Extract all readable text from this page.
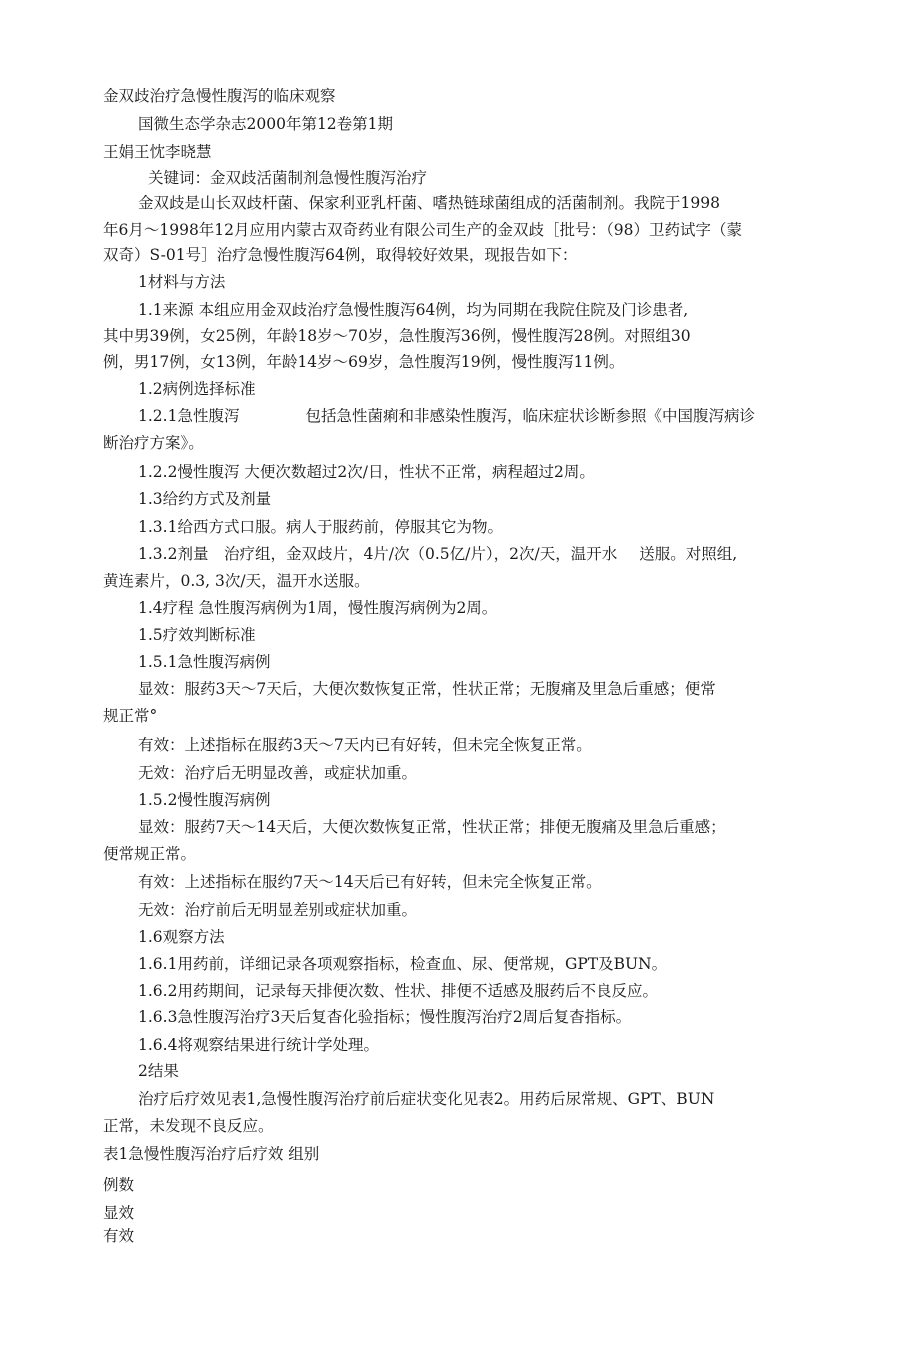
金双歧治疗急慢性腹泻的临床观察
国微生态学杂志2000年第12卷第1期
王娟王忱李晓慧
关键词：金双歧活菌制剂急慢性腹泻治疗
金双歧是山长双歧杆菌、保家利亚乳杆菌、嗜热链球菌组成的活菌制剂。我院于1998
年6月～1998年12月应用内蒙古双奇药业有限公司生产的金双歧［批号：（98）卫药试字（蒙
双奇）S-01号］治疗急慢性腹泻64例，取得较好效果，现报告如下：
1材料与方法
1.1来源 本组应用金双歧治疗急慢性腹泻64例，均为同期在我院住院及门诊患者,
其中男39例，女25例，年龄18岁～70岁，急性腹泻36例，慢性腹泻28例。对照组30
例，男17例，女13例，年龄14岁～69岁，急性腹泻19例，慢性腹泻11例。
1.2病例选择标准
1.2.1急性腹泻	包括急性菌痢和非感染性腹泻，临床症状诊断参照《中国腹泻病诊
断治疗方案》。
1.2.2慢性腹泻 大便次数超过2次/日，性状不正常，病程超过2周。
1.3给约方式及剂量
1.3.1给西方式口服。病人于服药前，停服其它为物。
1.3.2剂量　治疗组，金双歧片，4片/次（0.5亿/片），2次/天，温开水 送服。对照组,
黄连素片，0.3, 3次/天，温开水送服。
1.4疗程 急性腹泻病例为1周，慢性腹泻病例为2周。
1.5疗效判断标准
1.5.1急性腹泻病例
显效：服药3天～7天后，大便次数恢复正常，性状正常；无腹痛及里急后重感；便常
规正常°
有效：上述指标在服药3天～7天内已有好转，但未完全恢复正常。
无效：治疗后无明显改善，或症状加重。
1.5.2慢性腹泻病例
显效：服药7天～14天后，大便次数恢复正常，性状正常；排便无腹痛及里急后重感；
便常规正常。
有效：上述指标在服约7天～14天后已有好转，但未完全恢复正常。
无效：治疗前后无明显差别或症状加重。
1.6观察方法
1.6.1用药前，详细记录各项观察指标，检查血、尿、便常规，GPT及BUN。
1.6.2用药期间，记录每天排便次数、性状、排便不适感及服药后不良反应。
1.6.3急性腹泻治疗3天后复杳化验指标；慢性腹泻治疗2周后复杳指标。
1.6.4将观察结果进行统计学处理。
2结果
治疗后疗效见表1,急慢性腹泻治疗前后症状变化见表2。用药后尿常规、GPT、BUN
正常，未发现不良反应。
表1急慢性腹泻治疗后疗效 组别
例数
显效
有效
